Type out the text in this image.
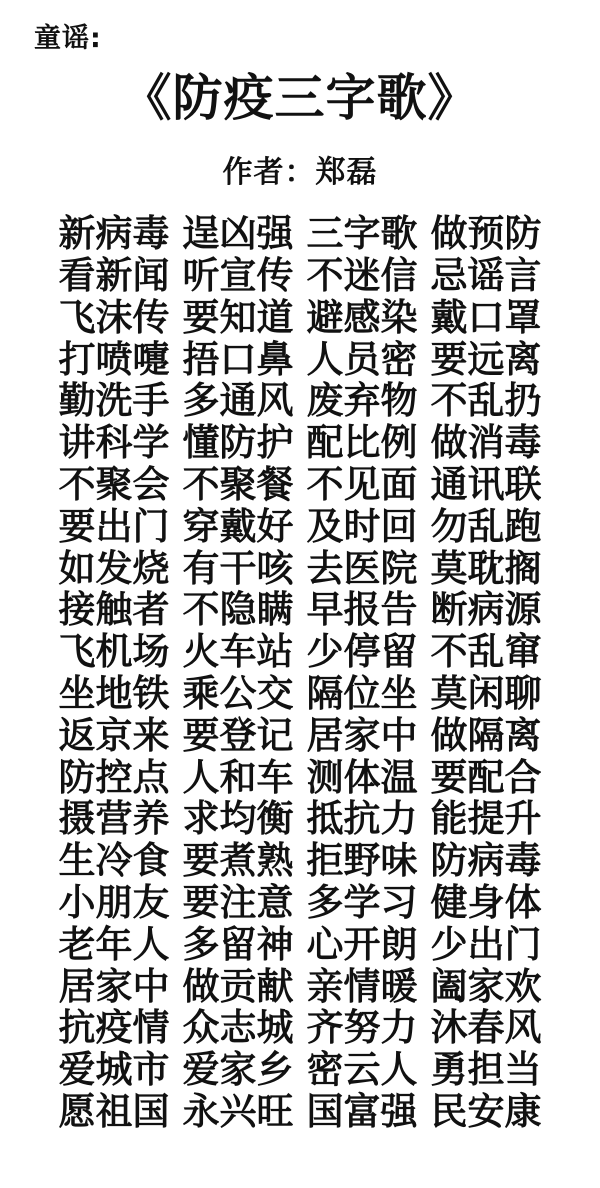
童谣:
《防疫三字歌》
作者：郑磊
新病毒 逞凶强 三字歌 做预防
看新闻 听宣传 不迷信 忌谣言
飞沫传 要知道 避感染 戴口罩
打喷嚏 捂口鼻 人员密 要远离
勤洗手 多通风 废弃物 不乱扔
讲科学 懂防护 配比例 做消毒
不聚会 不聚餐 不见面 通讯联
要出门 穿戴好 及时回 勿乱跑
如发烧 有干咳 去医院 莫耽搁
接触者 不隐瞒 早报告 断病源
飞机场 火车站 少停留 不乱窜
坐地铁 乘公交 隔位坐 莫闲聊
返京来 要登记 居家中 做隔离
防控点 人和车 测体温 要配合
摄营养 求均衡 抵抗力 能提升
生冷食 要煮熟 拒野味 防病毒
小朋友 要注意 多学习 健身体
老年人 多留神 心开朗 少出门
居家中 做贡献 亲情暖 阖家欢
抗疫情 众志城 齐努力 沐春风
爱城市 爱家乡 密云人 勇担当
愿祖国 永兴旺 国富强 民安康
